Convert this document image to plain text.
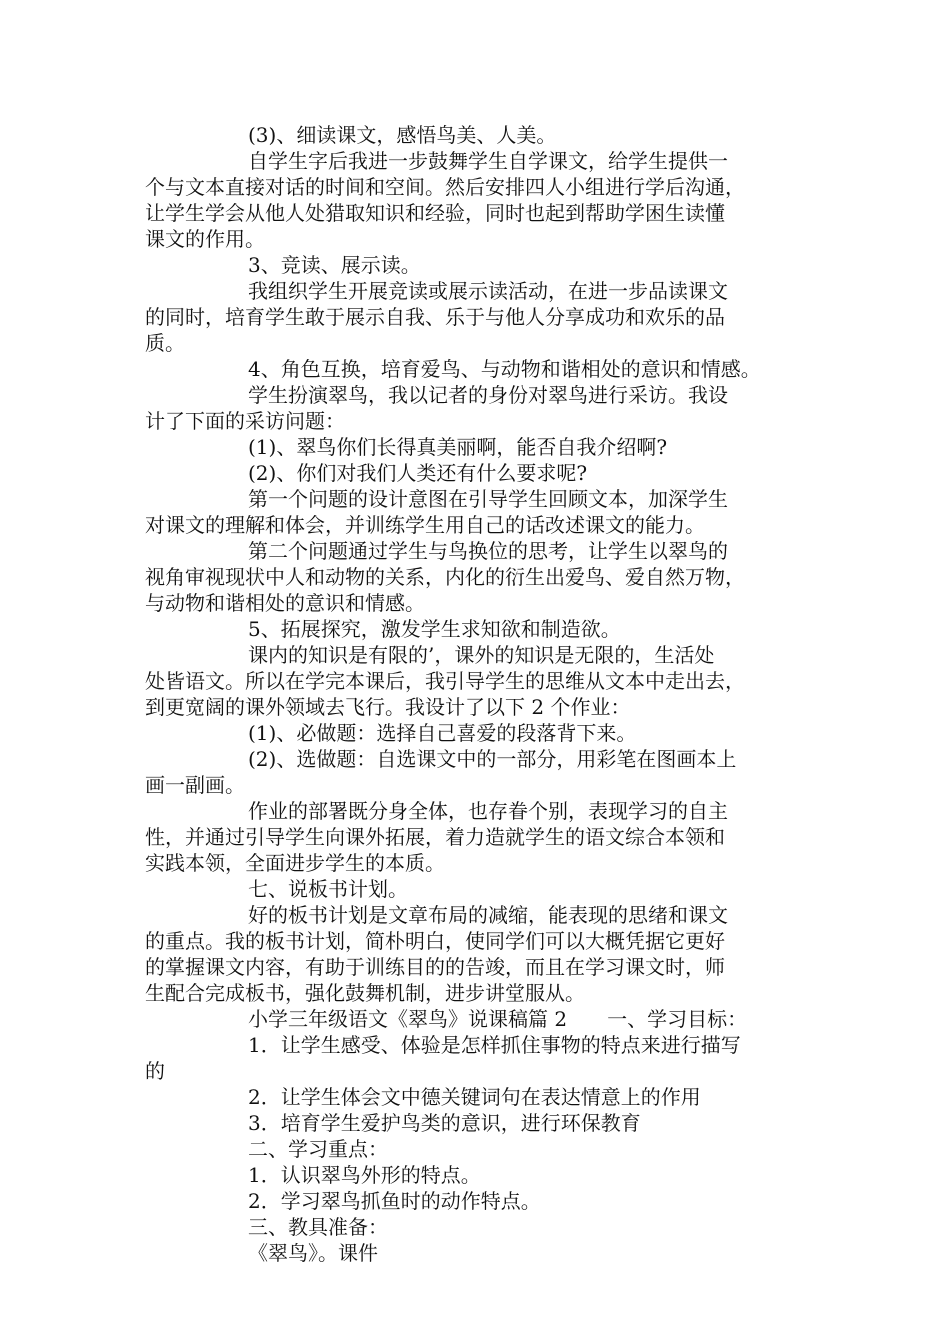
(3)、细读课文，感悟鸟美、人美。
自学生字后我进一步鼓舞学生自学课文，给学生提供一
个与文本直接对话的时间和空间。然后安排四人小组进行学后沟通，
让学生学会从他人处猎取知识和经验，同时也起到帮助学困生读懂
课文的作用。
3、竞读、展示读。
我组织学生开展竞读或展示读活动，在进一步品读课文
的同时，培育学生敢于展示自我、乐于与他人分享成功和欢乐的品
质。
4、角色互换，培育爱鸟、与动物和谐相处的意识和情感。
学生扮演翠鸟，我以记者的身份对翠鸟进行采访。我设
计了下面的采访问题：
(1)、翠鸟你们长得真美丽啊，能否自我介绍啊?
(2)、你们对我们人类还有什么要求呢?
第一个问题的设计意图在引导学生回顾文本，加深学生
对课文的理解和体会，并训练学生用自己的话改述课文的能力。
第二个问题通过学生与鸟换位的思考，让学生以翠鸟的
视角审视现状中人和动物的关系，内化的衍生出爱鸟、爱自然万物，
与动物和谐相处的意识和情感。
5、拓展探究，激发学生求知欲和制造欲。
课内的知识是有限的’，课外的知识是无限的，生活处
处皆语文。所以在学完本课后，我引导学生的思维从文本中走出去，
到更宽阔的课外领域去飞行。我设计了以下 2 个作业：
(1)、必做题：选择自己喜爱的段落背下来。
(2)、选做题：自选课文中的一部分，用彩笔在图画本上
画一副画。
作业的部署既分身全体，也存眷个别，表现学习的自主
性，并通过引导学生向课外拓展，着力造就学生的语文综合本领和
实践本领，全面进步学生的本质。
七、说板书计划。
好的板书计划是文章布局的减缩，能表现的思绪和课文
的重点。我的板书计划，简朴明白，使同学们可以大概凭据它更好
的掌握课文内容，有助于训练目的的告竣，而且在学习课文时，师
生配合完成板书，强化鼓舞机制，进步讲堂服从。
小学三年级语文《翠鸟》说课稿篇 2　　一、学习目标：
1．让学生感受、体验是怎样抓住事物的特点来进行描写
的
2．让学生体会文中德关键词句在表达情意上的作用
3．培育学生爱护鸟类的意识，进行环保教育
二、学习重点：
1．认识翠鸟外形的特点。
2．学习翠鸟抓鱼时的动作特点。
三、教具准备：
《翠鸟》。课件
